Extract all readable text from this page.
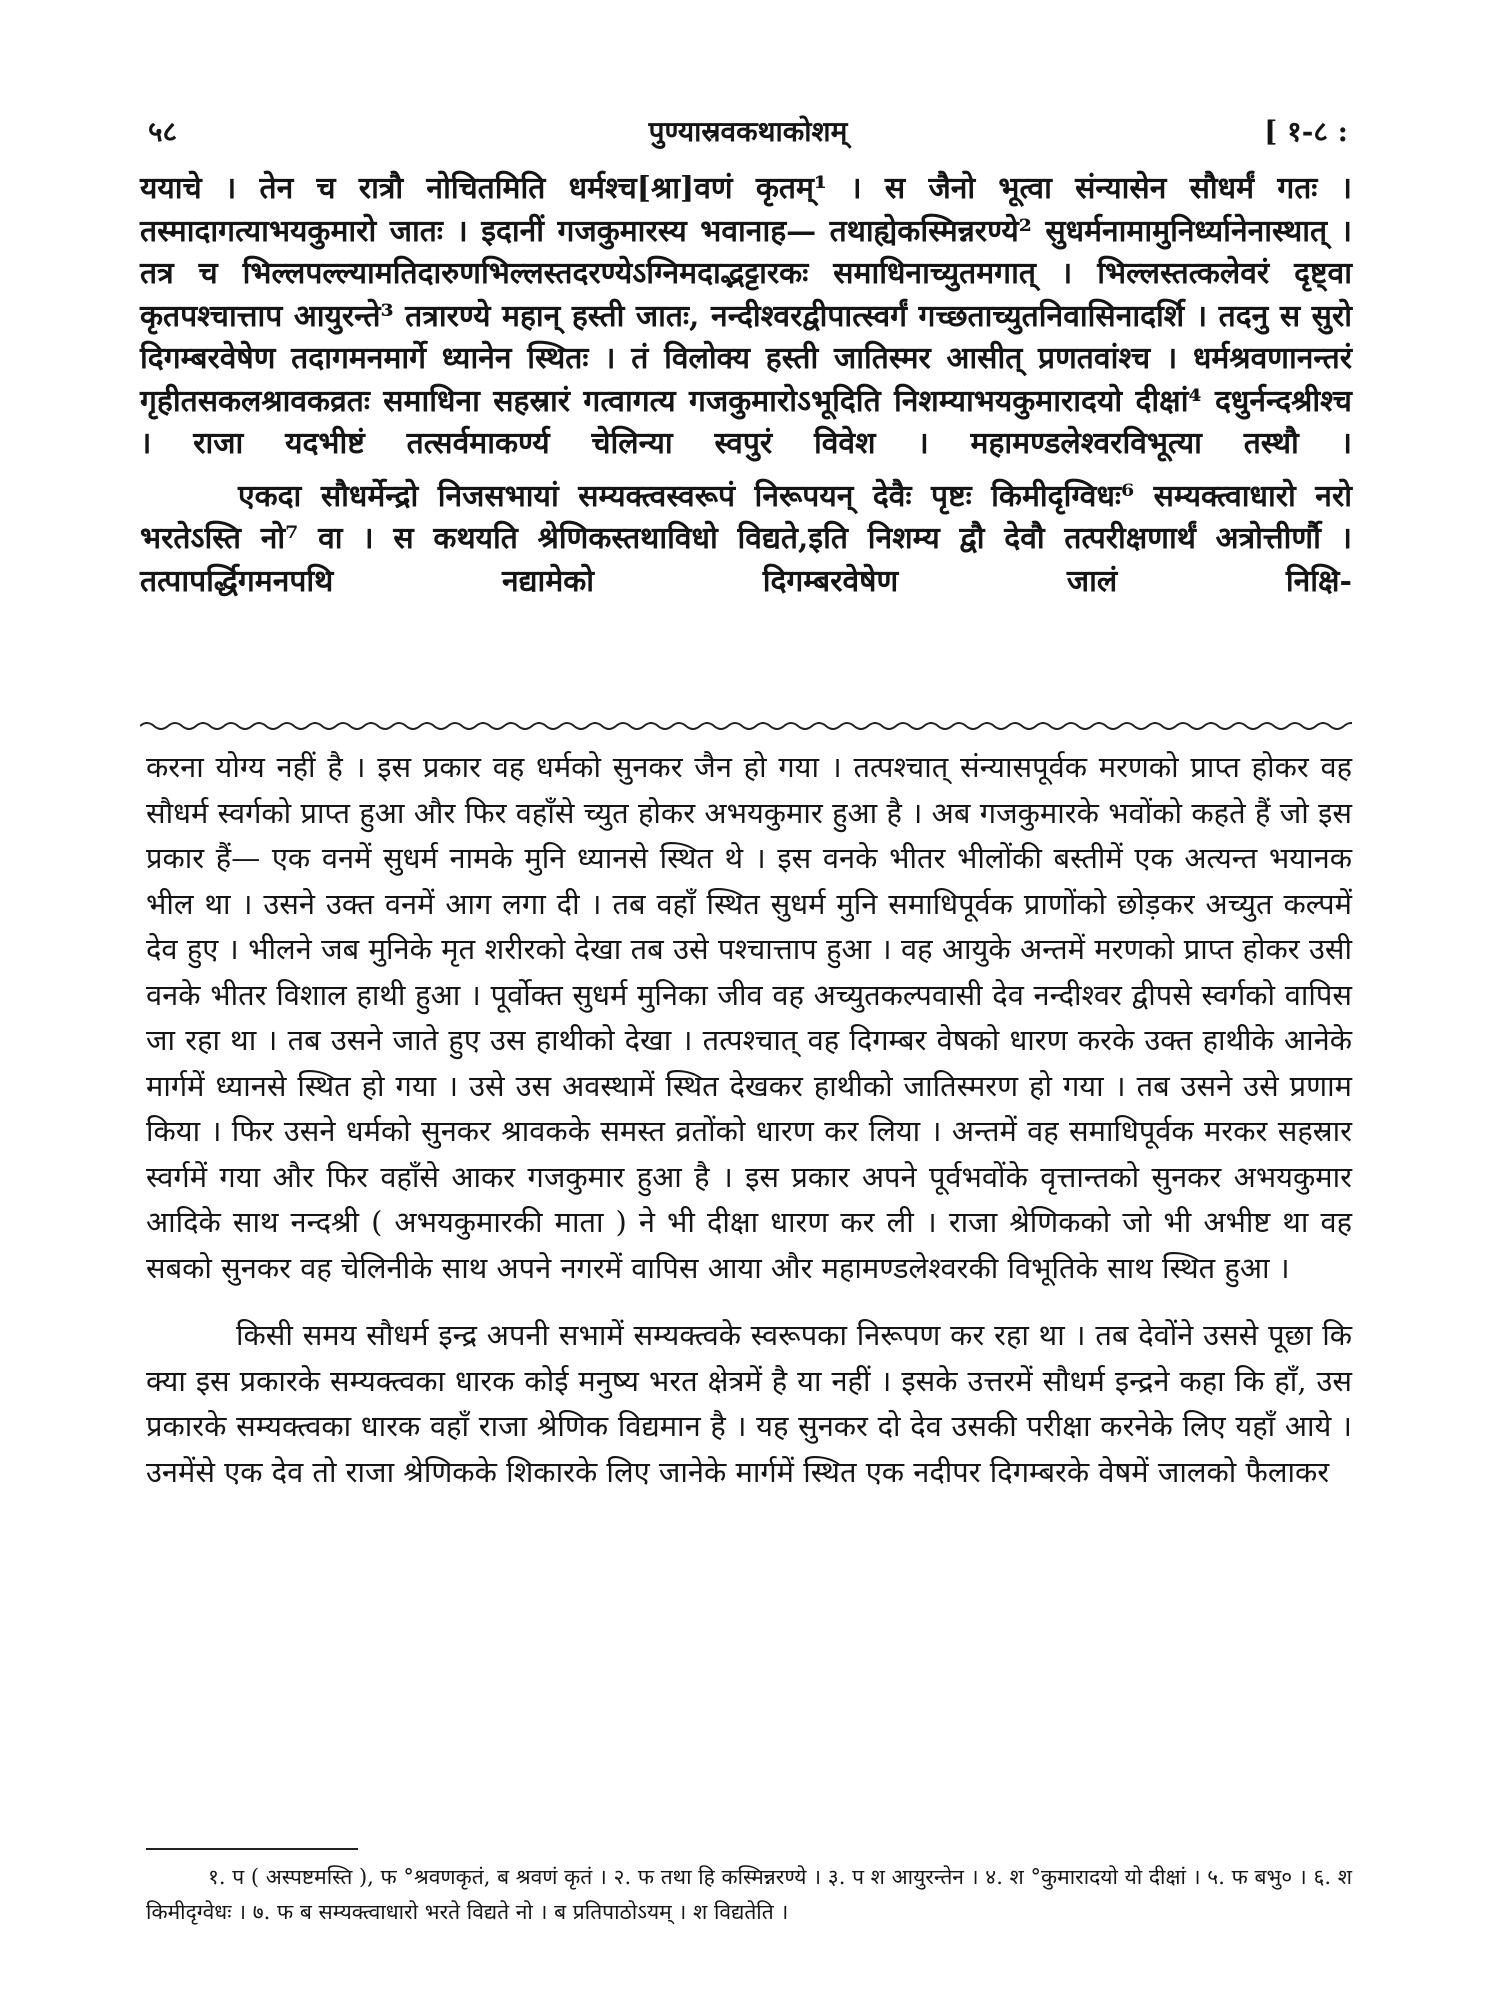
५८	पुण्यास्रवकथाकोशम्	[ १-८ :

ययाचे । तेन च रात्रौ नोचितमिति धर्मश्च[श्रा]वणं कृतम्¹ । स जैनो भूत्वा संन्यासेन सौधर्मं गतः । तस्मादागत्याभयकुमारो जातः । इदानीं गजकुमारस्य भवानाह— तथाह्येकस्मिन्नरण्ये² सुधर्मनामामुनिर्ध्यानेनास्थात् । तत्र च भिल्लपल्ल्यामतिदारुणभिल्लस्तदरण्येऽग्निमदाद्भट्टारकः समाधिनाच्युतमगात् । भिल्लस्तत्कलेवरं दृष्ट्वा कृतपश्चात्ताप आयुरन्ते³ तत्रारण्ये महान् हस्ती जातः, नन्दीश्वरद्वीपात्स्वर्गं गच्छताच्युतनिवासिनादर्शि । तदनु स सुरो दिगम्बरवेषेण तदागमनमार्गे ध्यानेन स्थितः । तं विलोक्य हस्ती जातिस्मर आसीत् प्रणतवांश्च । धर्मश्रवणानन्तरं गृहीतसकलश्रावकव्रतः समाधिना सहस्रारं गत्वागत्य गजकुमारोऽभूदिति निशम्याभयकुमारादयो दीक्षां⁴ दधुर्नन्दश्रीश्च । राजा यदभीष्टं तत्सर्वमाकर्ण्य चेलिन्या स्वपुरं विवेश । महामण्डलेश्वरविभूत्या तस्थौ ।

एकदा सौधर्मेन्द्रो निजसभायां सम्यक्त्वस्वरूपं निरूपयन् देवैः पृष्टः किमीदृग्विधः⁶ सम्यक्त्वाधारो नरो भरतेऽस्ति नो⁷ वा । स कथयति श्रेणिकस्तथाविधो विद्यते,इति निशम्य द्वौ देवौ तत्परीक्षणार्थं अत्रोत्तीर्णौ । तत्पापर्द्धिगमनपथि नद्यामेको दिगम्बरवेषेण जालं निक्षि-

करना योग्य नहीं है । इस प्रकार वह धर्मको सुनकर जैन हो गया । तत्पश्चात् संन्यासपूर्वक मरणको प्राप्त होकर वह सौधर्म स्वर्गको प्राप्त हुआ और फिर वहाँसे च्युत होकर अभयकुमार हुआ है । अब गजकुमारके भवोंको कहते हैं जो इस प्रकार हैं— एक वनमें सुधर्म नामके मुनि ध्यानसे स्थित थे । इस वनके भीतर भीलोंकी बस्तीमें एक अत्यन्त भयानक भील था । उसने उक्त वनमें आग लगा दी । तब वहाँ स्थित सुधर्म मुनि समाधिपूर्वक प्राणोंको छोड़कर अच्युत कल्पमें देव हुए । भीलने जब मुनिके मृत शरीरको देखा तब उसे पश्चात्ताप हुआ । वह आयुके अन्तमें मरणको प्राप्त होकर उसी वनके भीतर विशाल हाथी हुआ । पूर्वोक्त सुधर्म मुनिका जीव वह अच्युतकल्पवासी देव नन्दीश्वर द्वीपसे स्वर्गको वापिस जा रहा था । तब उसने जाते हुए उस हाथीको देखा । तत्पश्चात् वह दिगम्बर वेषको धारण करके उक्त हाथीके आनेके मार्गमें ध्यानसे स्थित हो गया । उसे उस अवस्थामें स्थित देखकर हाथीको जातिस्मरण हो गया । तब उसने उसे प्रणाम किया । फिर उसने धर्मको सुनकर श्रावकके समस्त व्रतोंको धारण कर लिया । अन्तमें वह समाधिपूर्वक मरकर सहस्रार स्वर्गमें गया और फिर वहाँसे आकर गजकुमार हुआ है । इस प्रकार अपने पूर्वभवोंके वृत्तान्तको सुनकर अभयकुमार आदिके साथ नन्दश्री ( अभयकुमारकी माता ) ने भी दीक्षा धारण कर ली । राजा श्रेणिकको जो भी अभीष्ट था वह सबको सुनकर वह चेलिनीके साथ अपने नगरमें वापिस आया और महामण्डलेश्वरकी विभूतिके साथ स्थित हुआ ।

किसी समय सौधर्म इन्द्र अपनी सभामें सम्यक्त्वके स्वरूपका निरूपण कर रहा था । तब देवोंने उससे पूछा कि क्या इस प्रकारके सम्यक्त्वका धारक कोई मनुष्य भरत क्षेत्रमें है या नहीं । इसके उत्तरमें सौधर्म इन्द्रने कहा कि हाँ, उस प्रकारके सम्यक्त्वका धारक वहाँ राजा श्रेणिक विद्यमान है । यह सुनकर दो देव उसकी परीक्षा करनेके लिए यहाँ आये । उनमेंसे एक देव तो राजा श्रेणिकके शिकारके लिए जानेके मार्गमें स्थित एक नदीपर दिगम्बरके वेषमें जालको फैलाकर

१. प ( अस्पष्टमस्ति ), फ °श्रवणकृतं, ब श्रवणं कृतं । २. फ तथा हि कस्मिन्नरण्ये । ३. प श आयुरन्तेन । ४. श °कुमारादयो यो दीक्षां । ५. फ बभु० । ६. श किमीदृग्वेधः । ७. फ ब सम्यक्त्वाधारो भरते विद्यते नो । ब प्रतिपाठोऽयम् । श विद्यतेति ।
